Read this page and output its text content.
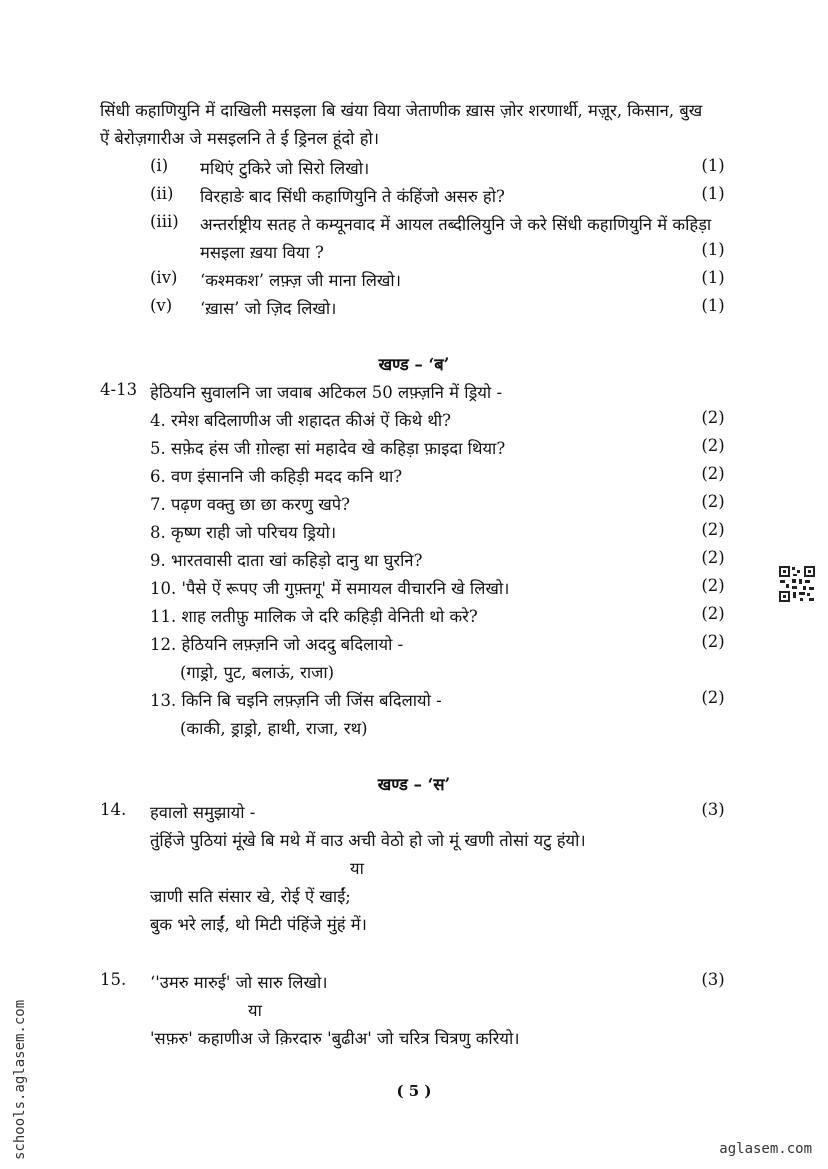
सिंधी कहाणियुनि में दाखिली मसइला बि खंया विया जेताणीक ख़ास ज़ोर शरणार्थी, मज़ूर, किसान, बुख
ऐं बेरोज़गारीअ जे मसइलनि ते ई ड्रिनल हूंदो हो।
(i) मथिएं टुकिरे जो सिरो लिखो।	(1)
(ii) विरहाङे बाद सिंधी कहाणियुनि ते कंहिंजो असरु हो?	(1)
(iii) अन्तर्राष्ट्रीय सतह ते कम्यूनवाद में आयल तब्दीलियुनि जे करे सिंधी कहाणियुनि में कहिड़ा
मसइला ख़या विया ?	(1)
(iv) ‘कश्मकश’ लफ़्ज़ जी माना लिखो।	(1)
(v) ‘ख़ास’ जो ज़िद लिखो।	(1)
खण्ड – ‘ब’
4-13 हेठियनि सुवालनि जा जवाब अटिकल 50 लफ़्ज़नि में ड्रियो -
4. रमेश बदिलाणीअ जी शहादत कीअं ऐं किथे थी?	(2)
5. सफ़ेद हंस जी ग़ोल्हा सां महादेव खे कहिड़ा फ़ाइदा थिया?	(2)
6. वण इंसाननि जी कहिड़ी मदद कनि था?	(2)
7. पढ़ण वक्तु छा छा करणु खपे?	(2)
8. कृष्ण राही जो परिचय ड्रियो।	(2)
9. भारतवासी दाता खां कहिड़ो दानु था घुरनि?	(2)
10. 'पैसे ऐं रूपए जी गुफ़्तगू' में समायल वीचारनि खे लिखो।	(2)
11. शाह लतीफ़ु मालिक जे दरि कहिड़ी वेनिती थो करे?	(2)
12. हेठियनि लफ़्ज़नि जो अददु बदिलायो -	(2)
(गाड्रो, पुट, बलाऊं, राजा)
13. किनि बि चइनि लफ़्ज़नि जी जिंस बदिलायो -	(2)
(काकी, ड्राड्रो, हाथी, राजा, रथ)
खण्ड – ‘स’
14. हवालो समुझायो -	(3)
तुंहिंजे पुठियां मूंखे बि मथे में वाउ अची वेठो हो जो मूं खणी तोसां यटु हंयो।
या
ज्राणी सति संसार खे, रोई ऐं खाईं;
बुक भरे लाईं, थो मिटी पंहिंजे मुंहं में।
15. ‘'उमरु मारुई' जो सारु लिखो।	(3)
या
'सफ़रु' कहाणीअ जे क़िरदारु 'बुढीअ' जो चरित्र चित्रणु करियो।
( 5 )
schools.aglasem.com	aglasem.com
